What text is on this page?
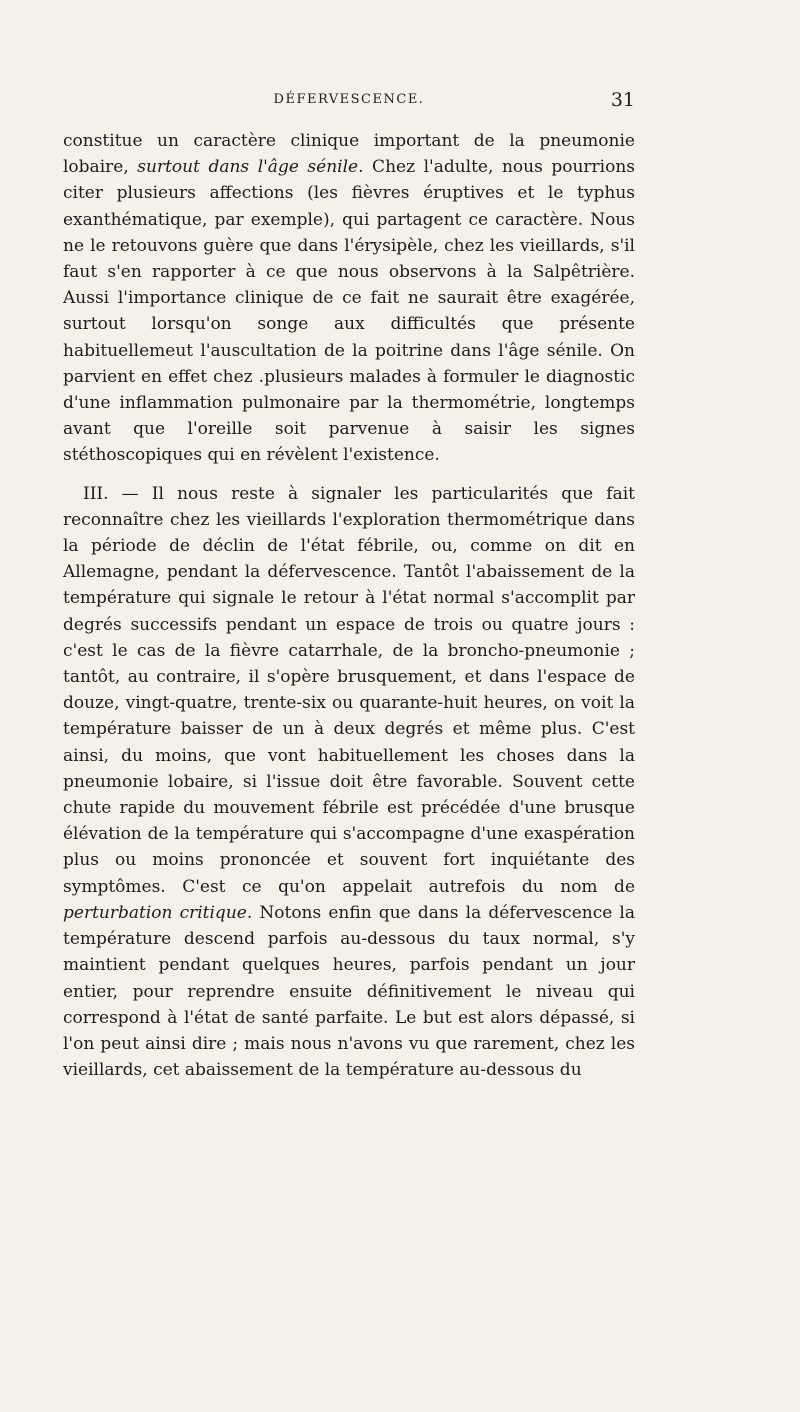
DÉFERVESCENCE.	31

constitue un caractère clinique important de la pneumonie lobaire, surtout dans l'âge sénile. Chez l'adulte, nous pourrions citer plusieurs affections (les fièvres éruptives et le typhus exanthématique, par exemple), qui partagent ce caractère. Nous ne le retouvons guère que dans l'érysipèle, chez les vieillards, s'il faut s'en rapporter à ce que nous observons à la Salpêtrière. Aussi l'importance clinique de ce fait ne saurait être exagérée, surtout lorsqu'on songe aux difficultés que présente habituellemeut l'auscultation de la poitrine dans l'âge sénile. On parvient en effet chez .plusieurs malades à formuler le diagnostic d'une inflammation pulmonaire par la thermométrie, longtemps avant que l'oreille soit parvenue à saisir les signes stéthoscopiques qui en révèlent l'existence.

III. — Il nous reste à signaler les particularités que fait reconnaître chez les vieillards l'exploration thermométrique dans la période de déclin de l'état fébrile, ou, comme on dit en Allemagne, pendant la défervescence. Tantôt l'abaissement de la température qui signale le retour à l'état normal s'accomplit par degrés successifs pendant un espace de trois ou quatre jours : c'est le cas de la fièvre catarrhale, de la broncho-pneumonie ; tantôt, au contraire, il s'opère brusquement, et dans l'espace de douze, vingt-quatre, trente-six ou quarante-huit heures, on voit la température baisser de un à deux degrés et même plus. C'est ainsi, du moins, que vont habituellement les choses dans la pneumonie lobaire, si l'issue doit être favorable. Souvent cette chute rapide du mouvement fébrile est précédée d'une brusque élévation de la température qui s'accompagne d'une exaspération plus ou moins prononcée et souvent fort inquiétante des symptômes. C'est ce qu'on appelait autrefois du nom de perturbation critique. Notons enfin que dans la défervescence la température descend parfois au-dessous du taux normal, s'y maintient pendant quelques heures, parfois pendant un jour entier, pour reprendre ensuite définitivement le niveau qui correspond à l'état de santé parfaite. Le but est alors dépassé, si l'on peut ainsi dire ; mais nous n'avons vu que rarement, chez les vieillards, cet abaissement de la température au-dessous du
